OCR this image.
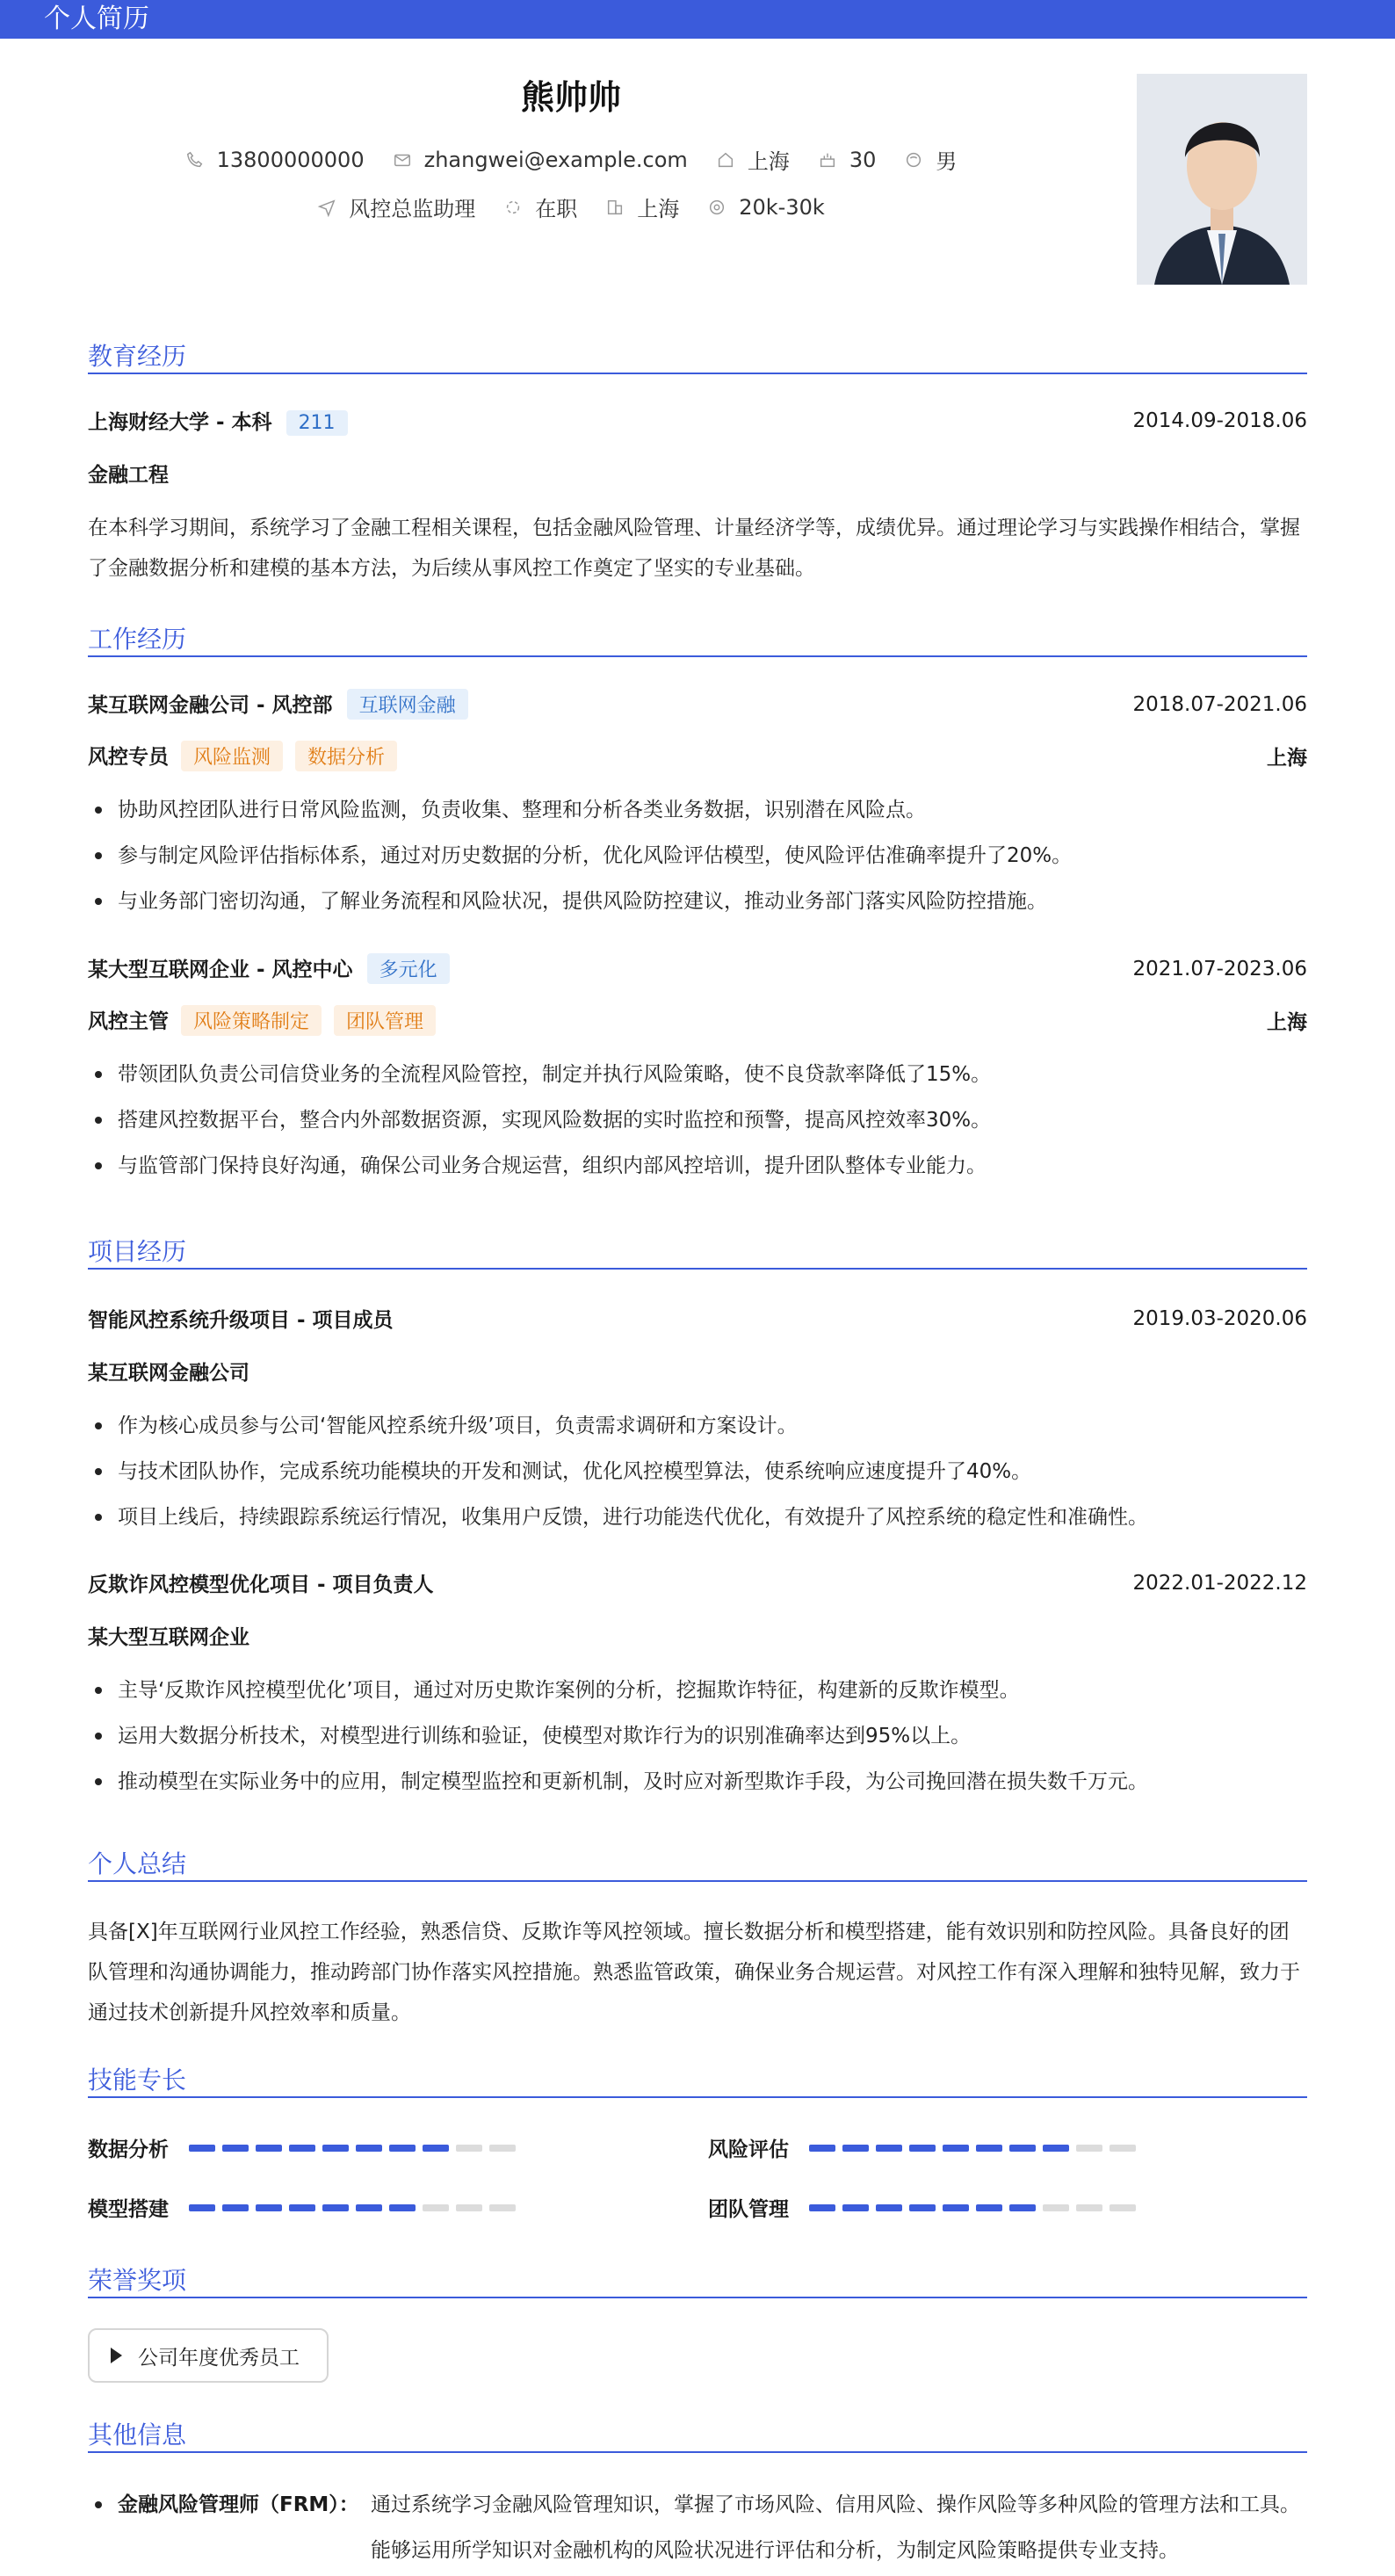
个人简历
熊帅帅
13800000000	zhangwei@example.com	上海	30	男
风控总监助理	在职	上海	20k-30k
教育经历
上海财经大学 - 本科 211	2014.09-2018.06
金融工程
在本科学习期间，系统学习了金融工程相关课程，包括金融风险管理、计量经济学等，成绩优异。通过理论学习与实践操作相结合，掌握了金融数据分析和建模的基本方法，为后续从事风控工作奠定了坚实的专业基础。
工作经历
某互联网金融公司 - 风控部 互联网金融	2018.07-2021.06
风控专员 风险监测 数据分析	上海
协助风控团队进行日常风险监测，负责收集、整理和分析各类业务数据，识别潜在风险点。
参与制定风险评估指标体系，通过对历史数据的分析，优化风险评估模型，使风险评估准确率提升了20%。
与业务部门密切沟通，了解业务流程和风险状况，提供风险防控建议，推动业务部门落实风险防控措施。
某大型互联网企业 - 风控中心 多元化	2021.07-2023.06
风控主管 风险策略制定 团队管理	上海
带领团队负责公司信贷业务的全流程风险管控，制定并执行风险策略，使不良贷款率降低了15%。
搭建风控数据平台，整合内外部数据资源，实现风险数据的实时监控和预警，提高风控效率30%。
与监管部门保持良好沟通，确保公司业务合规运营，组织内部风控培训，提升团队整体专业能力。
项目经历
智能风控系统升级项目 - 项目成员	2019.03-2020.06
某互联网金融公司
作为核心成员参与公司‘智能风控系统升级’项目，负责需求调研和方案设计。
与技术团队协作，完成系统功能模块的开发和测试，优化风控模型算法，使系统响应速度提升了40%。
项目上线后，持续跟踪系统运行情况，收集用户反馈，进行功能迭代优化，有效提升了风控系统的稳定性和准确性。
反欺诈风控模型优化项目 - 项目负责人	2022.01-2022.12
某大型互联网企业
主导‘反欺诈风控模型优化’项目，通过对历史欺诈案例的分析，挖掘欺诈特征，构建新的反欺诈模型。
运用大数据分析技术，对模型进行训练和验证，使模型对欺诈行为的识别准确率达到95%以上。
推动模型在实际业务中的应用，制定模型监控和更新机制，及时应对新型欺诈手段，为公司挽回潜在损失数千万元。
个人总结
具备[X]年互联网行业风控工作经验，熟悉信贷、反欺诈等风控领域。擅长数据分析和模型搭建，能有效识别和防控风险。具备良好的团队管理和沟通协调能力，推动跨部门协作落实风控措施。熟悉监管政策，确保业务合规运营。对风控工作有深入理解和独特见解，致力于通过技术创新提升风控效率和质量。
技能专长
数据分析	风险评估
模型搭建	团队管理
荣誉奖项
公司年度优秀员工
其他信息
金融风险管理师（FRM）： 通过系统学习金融风险管理知识，掌握了市场风险、信用风险、操作风险等多种风险的管理方法和工具。能够运用所学知识对金融机构的风险状况进行评估和分析，为制定风险策略提供专业支持。
